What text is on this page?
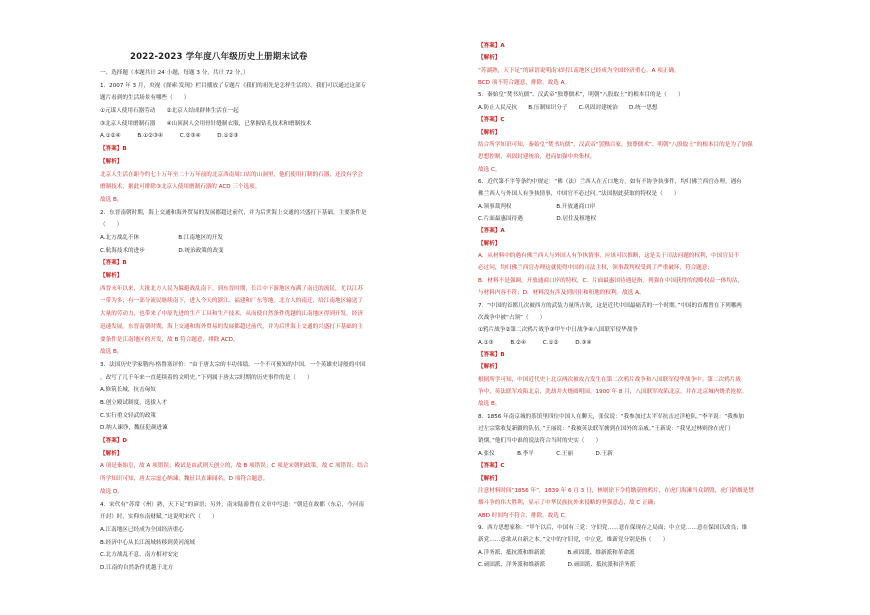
2022-2023 学年度八年级历史上册期末试卷
一、选择题（本题共计 24 小题，每题 3 分，共计 72 分，）
1．2007 年 3 月，央视《探索·发现》栏目播放了专题片《我们的祖先是怎样生活的》。我们可以通过这部专
题片看到的生活场景有哪些（　　）
①元谋人使用石器劳动　　②北京人结成群体生活在一起
③北京人使用磨制石器　　④山顶洞人会用骨针缝制衣服，已掌握钻孔技术和磨制技术
A.①②④　　　B.①②③④　　　C.②③④　　　D.①②③
【答案】B
【解析】
北京人生活在距今约七十万年至二十万年前的北京西南周口店的山洞里，他们使用打制的石器，还没有学会
磨制技术，据此可排除③北京人使用磨制石器的 ACD 三个选项。
故选 B。
2．东晋南朝时期，海上交通和海外贸易的发展都超过前代，并为后世海上交通的兴盛打下基础。主要条件是
（　　）
A.北方战乱不休　　　　　　　B.江南地区的开发
C.航海技术的进步　　　　　　D.统治政策的改变
【答案】B
【解析】
西晋末年以来，大批北方人民为躲避战乱南下。到东晋时期，长江中下游地区布满了南迁的流民，尤以江苏
一带为多；有一部分流民继续南下，进入今天的浙江、福建和广东等地。北方人的南迁，给江南地区输送了
大量的劳动力，也带来了中原先进的生产工具和生产技术，从而使自然条件优越的江南地区得到开发，经济
迅速发展。东晋南朝时期，海上交通和海外贸易的发展都超过前代，并为后世海上交通的兴盛打下基础的主
要条件是江南地区的开发，故 B 符合题意，排除 ACD。
故选 B。
3．法国历史学家勒内·格鲁塞评价：“由于唐太宗的丰功伟绩，一个不可预知的中国，一个英雄史诗般的中国
，改写了几千年来一直延续着的文明史。”下列属于唐太宗时期的历史事件的是（　　）
A.修筑长城，抗击匈奴
B.创立殿试制度，选拔人才
C.实行重文轻武的政策
D.纳人谏诤，魏征犯颜进谏
【答案】D
【解析】
A 项是秦始皇，故 A 项错误；殿试是由武则天创立的，故 B 项错误；C 项是宋朝的政策，故 C 项错误；结合
所学知识可知，唐太宗虚心纳谏，魏征以直谏闻名，D 项符合题意。
故选 D。
4．宋代有“苏常（州）熟，天下足”的谚语；另外，南宋陆游曾在文章中写道：“朝廷在故都（东京，今河南
开封）时，实仰东南财赋。”这说明宋代（　　）
A.江南地区已经成为全国经济重心
B.经济中心从长江流域转移到黄河流域
C.北方战乱不息，南方相对安定
D.江南的自然条件优越于北方
【答案】A
【解析】
“苏湖熟，天下足”的谚语说明南宋时江南地区已经成为全国经济重心。A 项正确。
BCD 项不符合题意，排除。故选 A。
5．秦始皇“焚书坑儒”、汉武帝“独尊儒术”，明朝“八股取士”的根本目的是（　　）
A.防止人民反抗　　B.压制知识分子　　C.巩固封建统治　　D.统一思想
【答案】C
【解析】
结合所学知识可知，秦始皇“焚书坑儒”、汉武帝“罢黜百家，独尊儒术”、明朝“八股取士”的根本目的是为了加强
思想控制，巩固封建统治，进而加强中央集权。
故选 C。
6．近代第不平等条约中规定：“佛（法）兰西人在五口地方，如有不协争执事件，均归佛兰西官办理。遇有
佛兰西人与外国人有争执情事，中国官不必过问。”法国据此获取的特权是（　　）
A.领事裁判权　　　　　　　　B.开放通商口岸
C.片面最惠国待遇　　　　　　D.居住及租地权
【答案】A
【解析】
A．从材料中的遇有佛兰西人与外国人有争执情事，应该可以推断，这是关于司法问题的权利，中国官员不
必过问，均归佛兰西官办理这就使得中国的司法主权，领事裁判权受到了严重破坏，符合题意；
B．材料不是强调，开放通商口岸的特权，C．片面最惠国待遇是指，列强在中国获得的侵略权益一体均沾，
与材料内容不符；D．材料没有涉及到居住和租地的权利。故选 A。
7．“中国的首都几次被西方的武装力量所占领，这是近代中国最痛苦的一个时期。”中国的首都曾在下列哪两
次战争中被“占领”（　　）
①鸦片战争②第二次鸦片战争③甲午中日战争④八国联军侵华战争
A.①③　　　B.②④　　　C.①②　　　D.③④
【答案】B
【解析】
根据所学可知，中国近代史上北京两次被攻占发生在第二次鸦片战争和八国联军侵华战争中。第二次鸦片战
争中，英法联军攻陷北京，洗劫并火烧圆明园。1900 年 8 月，八国联军攻陷北京，并在北京城内烧杀抢掠。
故选 B。
8．1856 年南京城的茶馆里四位中国人在聊天，张仪说：“我参加过太平军抗击过洋枪队。”李平说：“我参加
过左宗棠收复新疆的队伍。”王丽说：“我被英法联军掳到在国外的亲戚。”王新说：“我见过林则徐在虎门
销烟。”他们当中谁的说法符合当时的史实（　　）
A.张仪　　　　B.李平　　　　C.王丽　　　　D.王新
【答案】C
【解析】
注意材料时间“1856 年”，1839 年 6 月 3 日，林则徐下令将缴获的鸦片，在虎门海滩当众销毁，虎门销烟是禁
烟斗争的伟大胜利，显示了中华民族抗外来侵略的坚强意志，故 C 正确；
ABD 时间均不符合，排除。故选 C。
9．西方思想家称：“甲午以后，中国有三党：守旧党……意在保现存之局面；中立党……意在保国以改良；维
新党……意欲从自新之本。”文中的守旧党，中立党，维新党分别是指（　　）
A.洋务派、抵抗派和维新派　　　　B.顽固派、维新派和革命派
C.顽固派、洋务派和维新派　　　　D.顽固派、抵抗派和洋务派
